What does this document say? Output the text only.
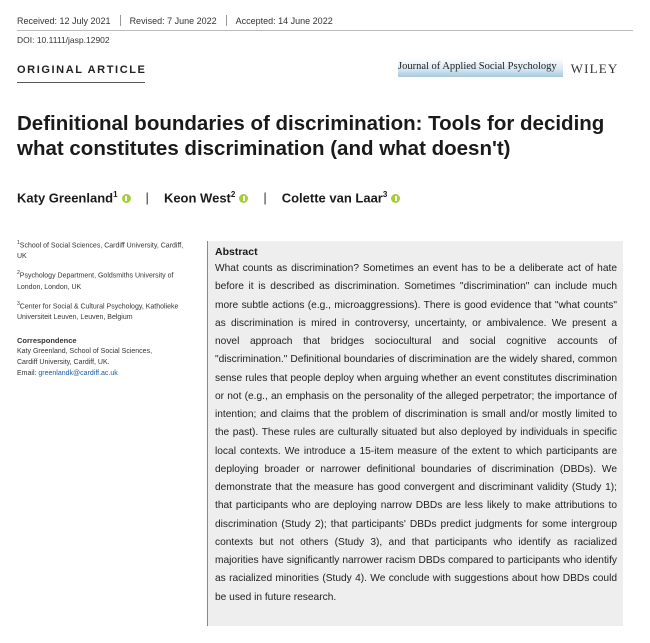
Received: 12 July 2021 Revised: 7 June 2022 Accepted: 14 June 2022
DOI: 10.1111/jasp.12902
ORIGINAL ARTICLE	Journal of Applied Social Psychology	WILEY
Definitional boundaries of discrimination: Tools for deciding what constitutes discrimination (and what doesn't)
Katy Greenland$^1$ | Keon West$^2$ | Colette van Laar$^3$

$^1$School of Social Sciences, Cardiff University, Cardiff, UK

$^2$Psychology Department, Goldsmiths University of London, London, UK

$^3$Center for Social & Cultural Psychology, Katholieke Universiteit Leuven, Leuven, Belgium

Correspondence

Katy Greenland, School of Social Sciences,

Cardiff University, Cardiff, UK.

Email: greenlandk@cardiff.ac.uk

Abstract

What counts as discrimination? Sometimes an event has to be a deliberate act of hate before it is described as discrimination. Sometimes "discrimination" can include much more subtle actions (e.g., microaggressions). There is good evidence that "what counts" as discrimination is mired in controversy, uncertainty, or ambivalence. We present a novel approach that bridges sociocultural and social cognitive accounts of "discrimination." Definitional boundaries of discrimination are the widely shared, common sense rules that people deploy when arguing whether an event constitutes discrimination or not (e.g., an emphasis on the personality of the alleged perpetrator; the importance of intention; and claims that the problem of discrimination is small and/or mostly limited to the past). These rules are culturally situated but also deployed by individuals in specific local contexts. We introduce a 15-item measure of the extent to which participants are deploying broader or narrower definitional boundaries of discrimination (DBDs). We demonstrate that the measure has good convergent and discriminant validity (Study 1); that participants who are deploying narrow DBDs are less likely to make attributions to discrimination (Study 2); that participants' DBDs predict judgments for some intergroup contexts but not others (Study 3), and that participants who identify as racialized majorities have significantly narrower racism DBDs compared to participants who identify as racialized minorities (Study 4). We conclude with suggestions about how DBDs could be used in future research.
